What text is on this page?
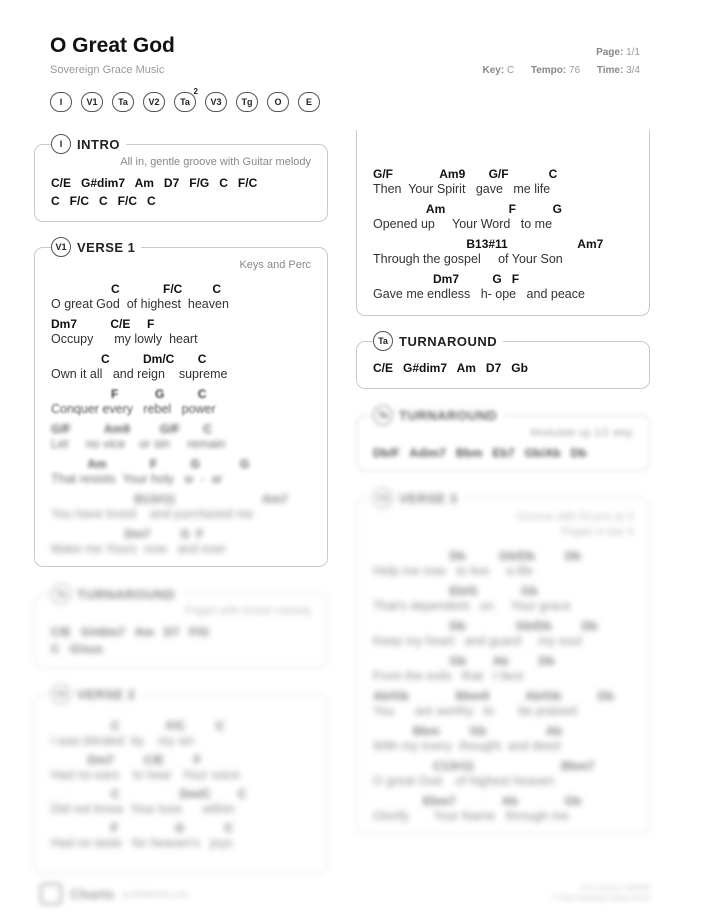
O Great God
Sovereign Grace Music
Page: 1/1
Key: C Tempo: 76 Time: 3/4
I	V1 Ta V2 Ta
2
V3 Tg O	E
I	INTRO
All in, gentle groove with Guitar melody
C/E   G#dim7   Am   D7   F/G   C   F/C
C   F/C   C   F/C   C
V1 VERSE 1
Keys and Perc
C             F/C         C
O great God  of highest  heaven
Dm7          C/E     F
Occupy      my lowly  heart
C          Dm/C       C
Own it all   and reign    supreme
F           G          C
Conquer every   rebel   power
G/F          Am9         G/F       C
Let     no vice    or sin     remain
Am             F          G            G
That resists  Your holy   w  -  ar
B13#11                          Am7
You have loved    and purchased me
Dm7         G  F
Make me Yours  now   and ever
Ta TURNAROUND
Pagan with Guitar melody
C/E   G#dim7   Am   D7   F/G
C   G/sus
V2 VERSE 2
C              F/C         C
I was blinded  by    my sin
Dm7         C/E         F
Had no ears    to hear   Your voice
C                  Dm/C        C
Did not know  Your love      within
F                 G            C
Had no taste   for heaven's   joys
G/F              Am9       G/F            C
Then  Your Spirit   gave   me life
Am                   F           G
Opened up     Your Word   to me
B13#11                     Am7
Through the gospel     of Your Son
Dm7          G   F
Gave me endless   h- ope   and peace
Ta TURNAROUND
C/E   G#dim7   Am   D7   Gb
Ta TURNAROUND
Modulate up 1/2 step
Db/F   Adim7   Bbm   Eb7   Gb/Ab   Db
V3 VERSE 3
Groove with Drums at 3
Pagan in bar 9
Db          Gb/Db         Db
Help me now   to live     a life
Eb/G             Gb
That's dependent   on     Your grace
Db               Gb/Db         Db
Keep my heart   and guard     my soul
Gb        Ab         Db
From the evils   that   I face
Ab/Gb              Bbm9           Ab/Gb           Db
You      are worthy   to       be praised
Bbm         Gb                  Ab
With my every  thought  and deed
C13#11                          Bbm7
O great God    of highest heaven
Ebm7              Ab              Gb
Glorify       Your Name   through me
Charts by Multitracks.com
CCLI Song # 7060000
© 2016 Sovereign Grace Music
